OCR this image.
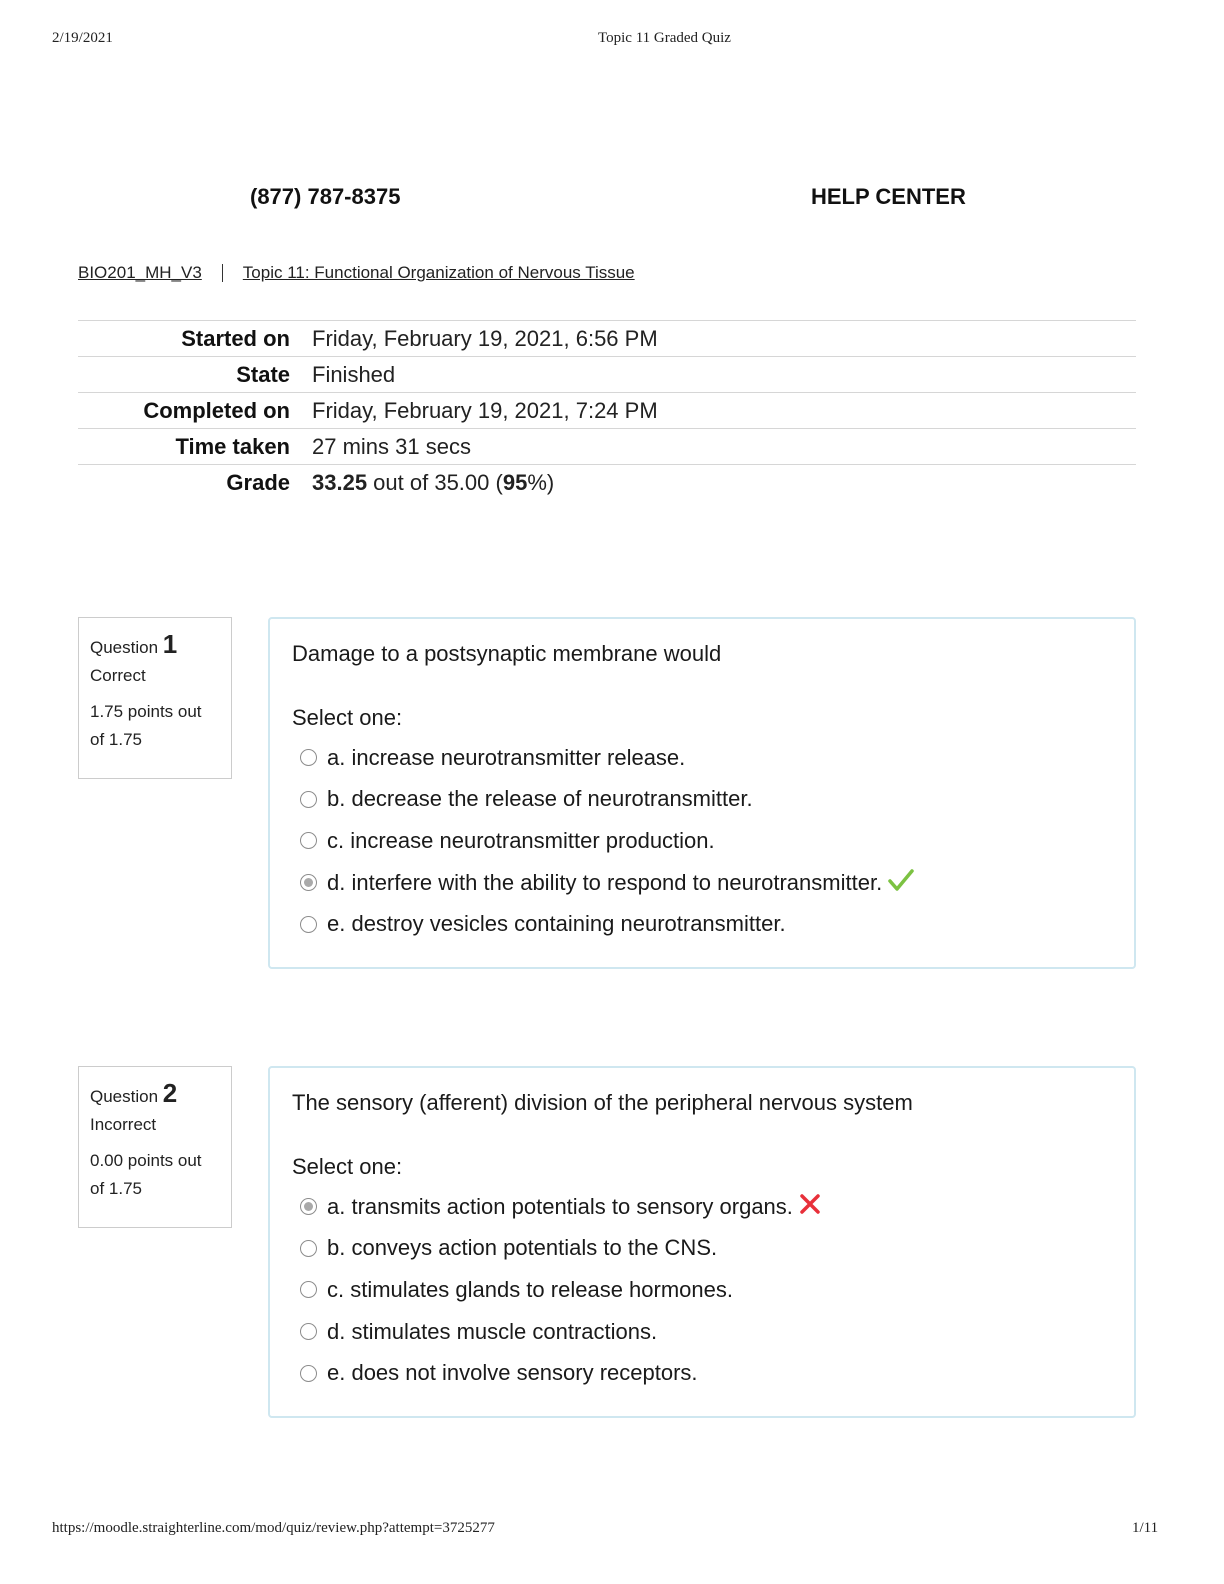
2/19/2021	Topic 11 Graded Quiz
(877) 787-8375	HELP CENTER
BIO201_MH_V3 Topic 11: Functional Organization of Nervous Tissue
Started on	Friday, February 19, 2021, 6:56 PM
State	Finished
Completed on	Friday, February 19, 2021, 7:24 PM
Time taken	27 mins 31 secs
Grade	33.25 out of 35.00 (95%)
Question 1
Correct
1.75 points out
of 1.75
Damage to a postsynaptic membrane would
Select one:
a. increase neurotransmitter release.
b. decrease the release of neurotransmitter.
c. increase neurotransmitter production.
d. interfere with the ability to respond to neurotransmitter.
e. destroy vesicles containing neurotransmitter.
Question 2
Incorrect
0.00 points out
of 1.75
The sensory (afferent) division of the peripheral nervous system
Select one:
a. transmits action potentials to sensory organs.
b. conveys action potentials to the CNS.
c. stimulates glands to release hormones.
d. stimulates muscle contractions.
e. does not involve sensory receptors.
https://moodle.straighterline.com/mod/quiz/review.php?attempt=3725277	1/11
